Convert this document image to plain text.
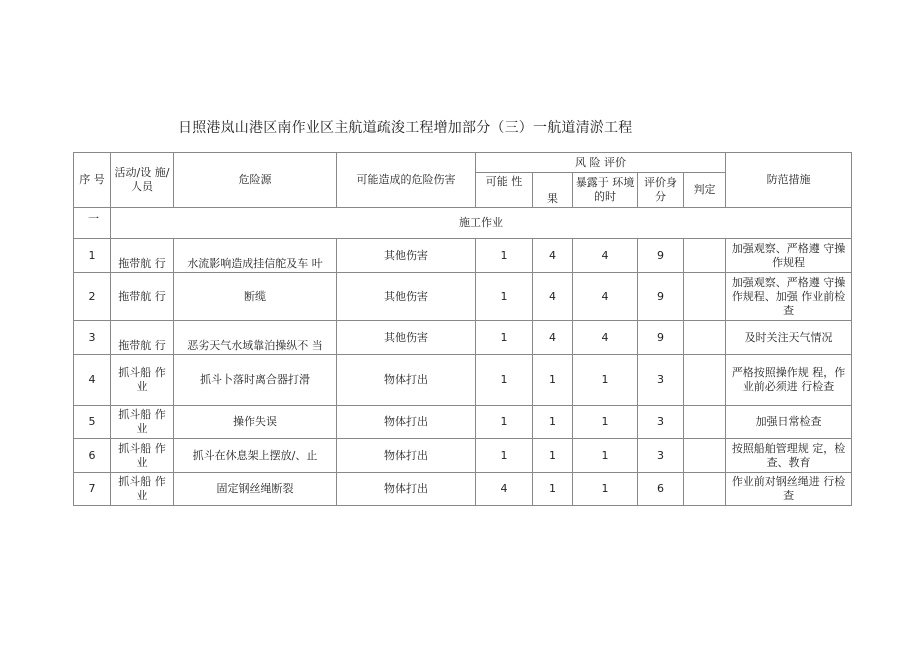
日照港岚山港区南作业区主航道疏浚工程增加部分（三）一航道清淤工程
序 号	活动/设 施/人员	危险源	可能造成的危险伤害	风 险 评价					防范措施
				可能 性	果	暴露于 环境的时	评价身 分	判定	
一	施工作业								
1	拖带航 行	水流影响造成挂信舵及车 叶	其他伤害	1	4	4	9		加强观察、严格遵 守操作规程
2	拖带航 行	断缆	其他伤害	1	4	4	9		加强观察、严格遵 守操作规程、加强 作业前检查
3	拖带航 行	恶劣天气水域靠泊操纵不 当	其他伤害	1	4	4	9		及时关注天气情况
4	抓斗船 作业	抓斗卜落时离合器打滑	物体打出	1	1	1	3		严格按照操作规 程，作业前必须进 行检查
5	抓斗船 作业	操作失误	物体打出	1	1	1	3		加强日常检查
6	抓斗船 作业	抓斗在休息架上摆放/、止	物体打出	1	1	1	3		按照船舶管理规 定，检查、教育
7	抓斗船 作业	固定钢丝绳断裂	物体打出	4	1	1	6		作业前对钢丝绳进 行检查
